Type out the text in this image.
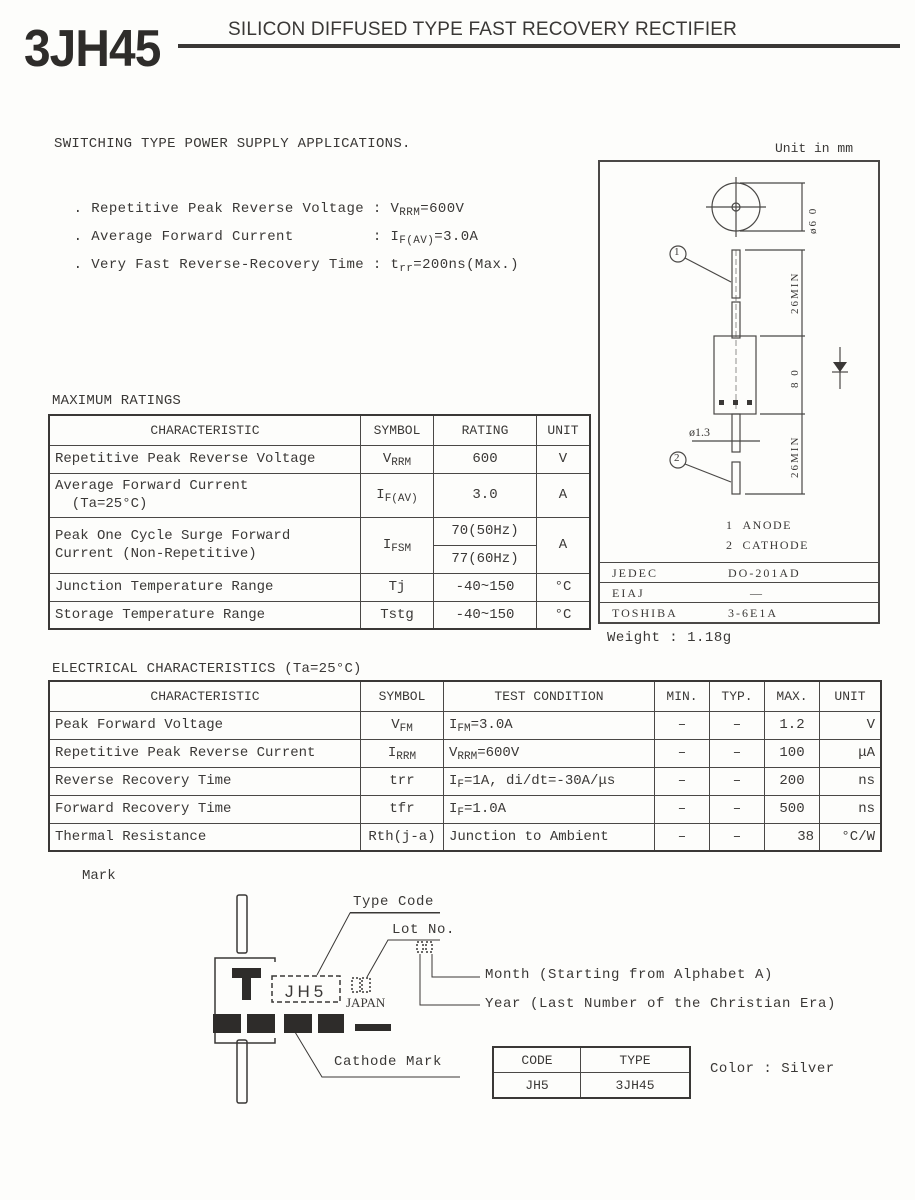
3JH45	SILICON DIFFUSED TYPE FAST RECOVERY RECTIFIER
SWITCHING TYPE POWER SUPPLY APPLICATIONS.

. Repetitive Peak Reverse Voltage : $V_{RRM}=600V$

. Average Forward Current         : $I_{F(AV)}=3.0A$

. Very Fast Reverse-Recovery Time : $t_{rr}=200ns(Max.)$

Unit in mm
ø6 0
26MIN
8 0
ø1.3
26MIN
1
2
1 ANODE
2 CATHODE
JEDEC	DO-201AD
EIAJ	—
TOSHIBA	3-6E1A
Weight : 1.18g
MAXIMUM RATINGS
CHARACTERISTIC	SYMBOL	RATING	UNIT
Repetitive Peak Reverse Voltage	$V_{RRM}$	600	V
Average Forward Current
(Ta=25°C)	$I_{F(AV)}$	3.0	A
Peak One Cycle Surge Forward
Current (Non-Repetitive)	$I_{FSM}$	70(50Hz)	A
		77(60Hz)	
Junction Temperature Range	Tj	-40~150	°C
Storage Temperature Range	Tstg	-40~150	°C
ELECTRICAL CHARACTERISTICS (Ta=25°C)
CHARACTERISTIC	SYMBOL	TEST CONDITION	MIN.	TYP.	MAX.	UNIT
Peak Forward Voltage	$V_{FM}$	$I_{FM}=3.0A$	–	–	1.2	V
Repetitive Peak Reverse Current	$I_{RRM}$	$V_{RRM}=600V$	–	–	100	μA
Reverse Recovery Time	trr	$I_F=1A$, di/dt=-30A/μs	–	–	200	ns
Forward Recovery Time	tfr	$I_F=1.0A$	–	–	500	ns
Thermal Resistance	Rth(j-a)	Junction to Ambient	–	–	38	°C/W
Mark
JH5
JAPAN
Type Code
Lot No.
Month (Starting from Alphabet A)
Year (Last Number of the Christian Era)
Cathode Mark	CODE	TYPE
JH5	3JH45
Color : Silver
